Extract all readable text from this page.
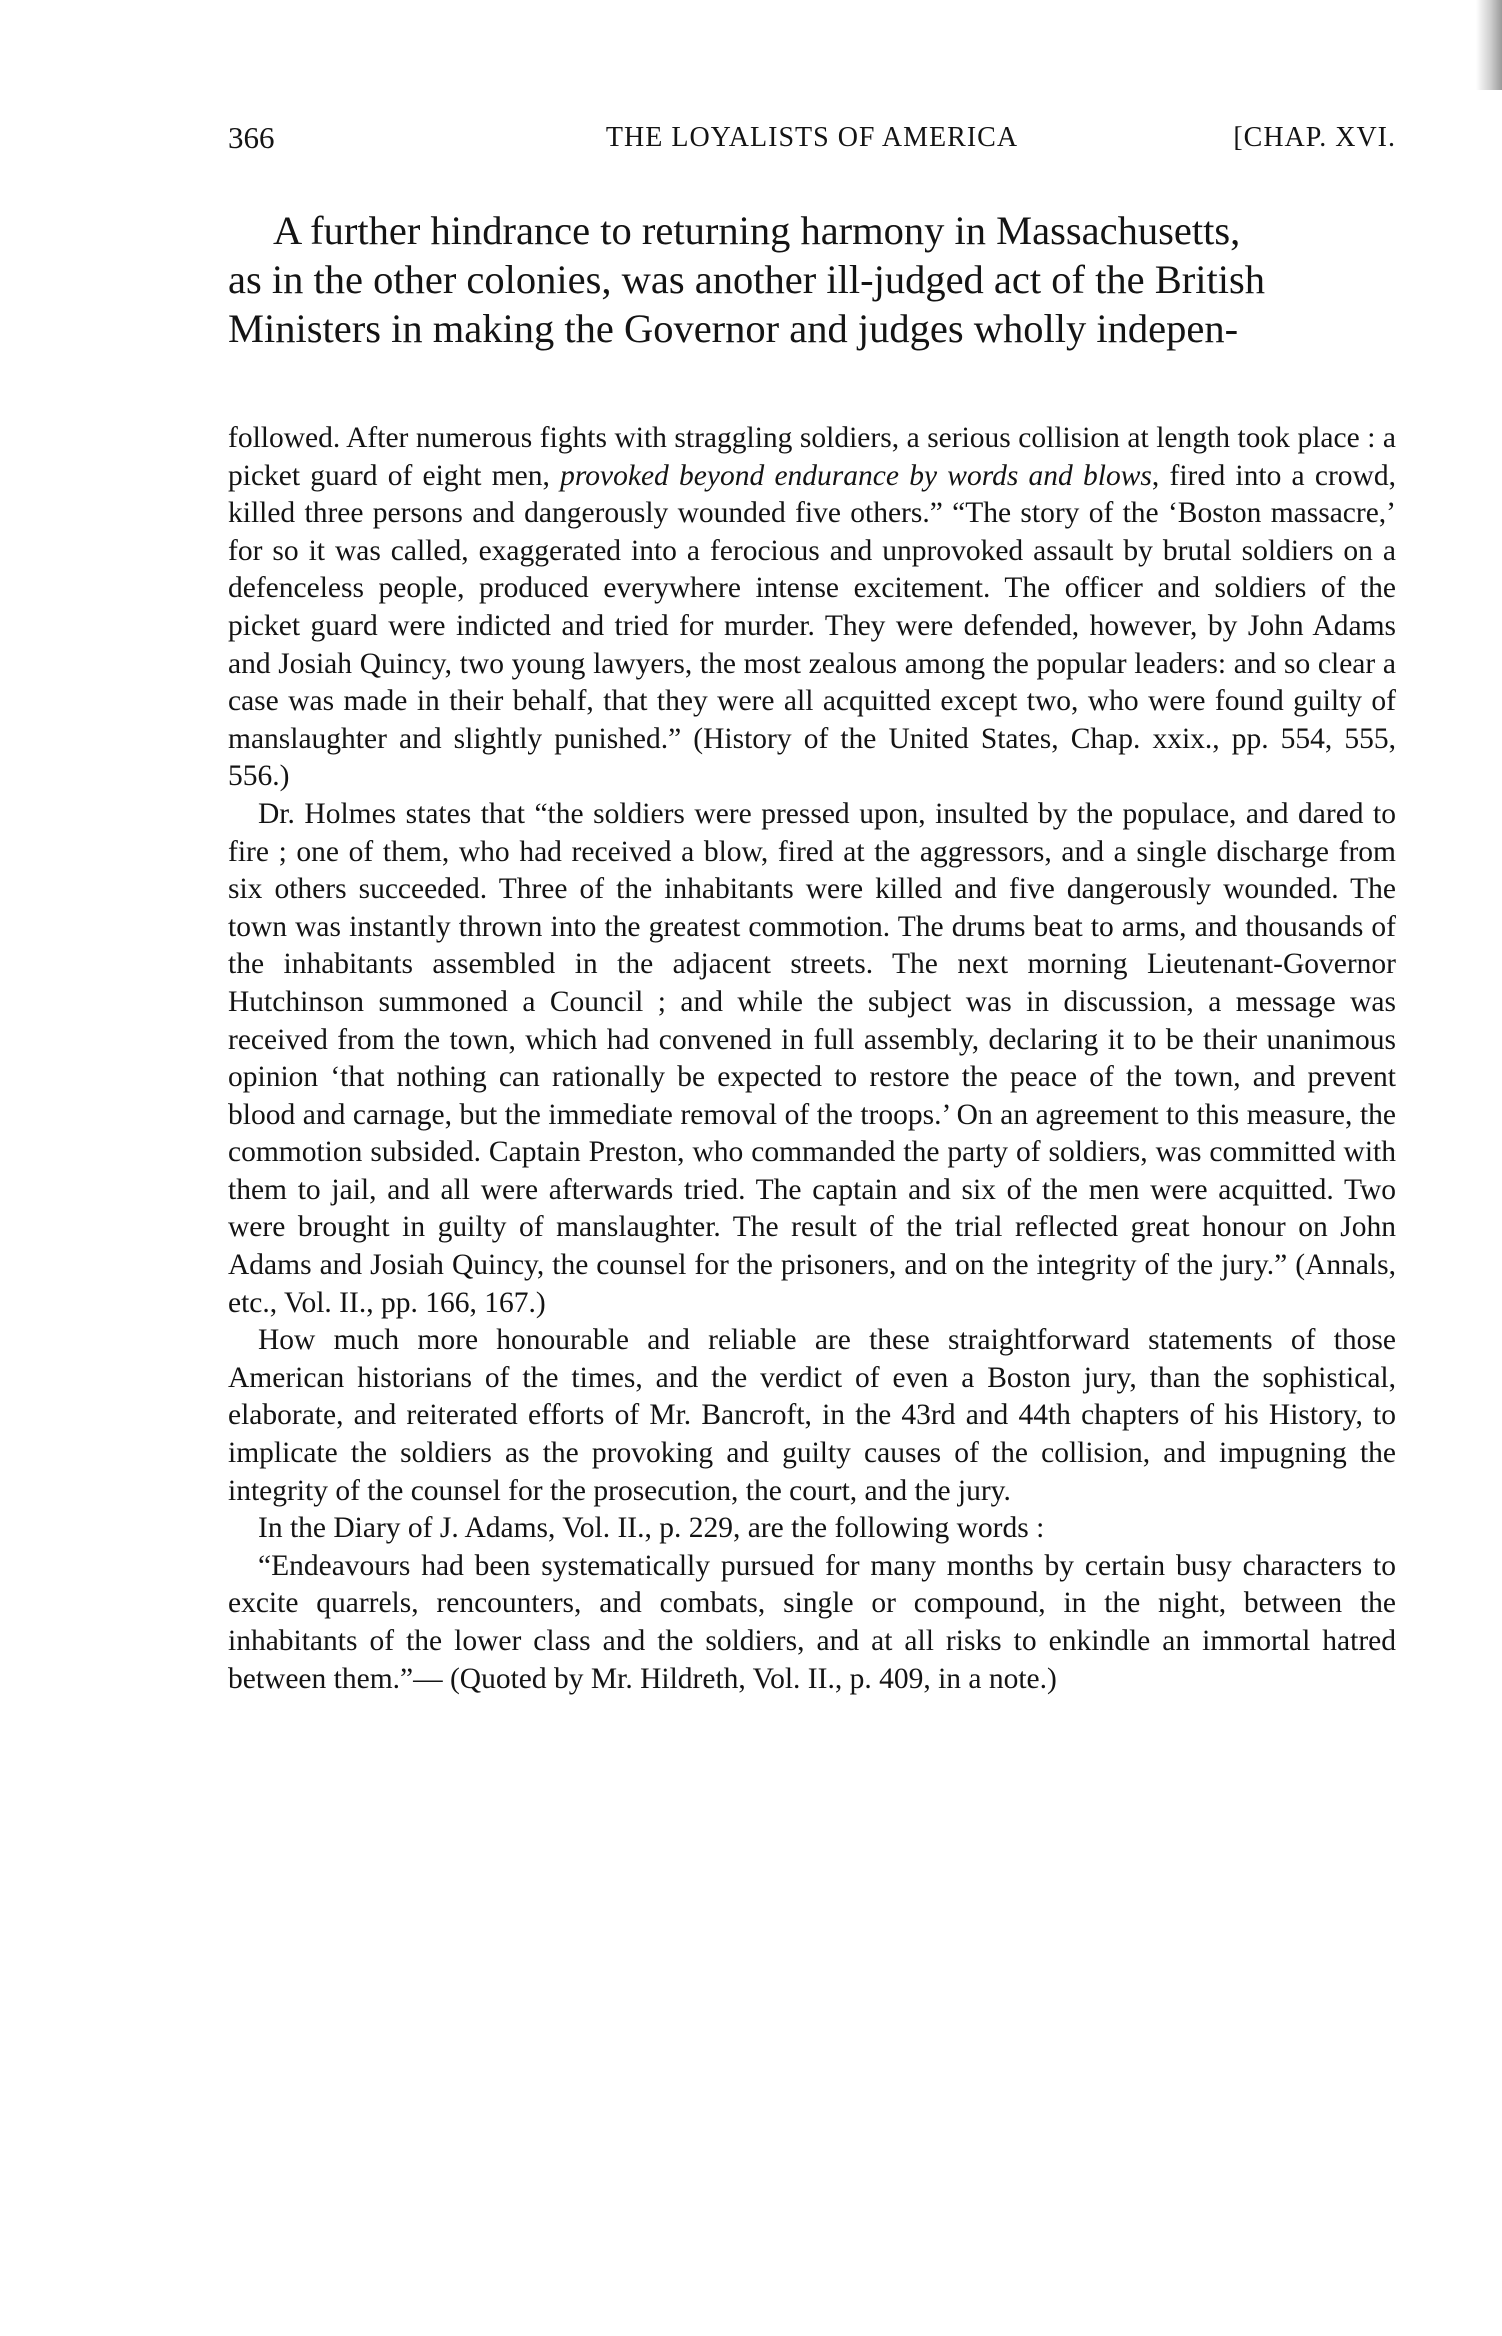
366	THE LOYALISTS OF AMERICA	[CHAP. XVI.
A further hindrance to returning harmony in Massachusetts,
as in the other colonies, was another ill-judged act of the British
Ministers in making the Governor and judges wholly indepen-

followed. After numerous fights with straggling soldiers, a serious collision at length took place : a picket guard of eight men, provoked beyond endurance by words and blows, fired into a crowd, killed three persons and dangerously wounded five others.” “The story of the ‘Boston massacre,’ for so it was called, exaggerated into a ferocious and unprovoked assault by brutal soldiers on a defenceless people, produced everywhere intense excitement. The officer and soldiers of the picket guard were indicted and tried for murder. They were defended, however, by John Adams and Josiah Quincy, two young lawyers, the most zealous among the popular leaders: and so clear a case was made in their behalf, that they were all acquitted except two, who were found guilty of manslaughter and slightly punished.” (History of the United States, Chap. xxix., pp. 554, 555, 556.)

Dr. Holmes states that “the soldiers were pressed upon, insulted by the populace, and dared to fire ; one of them, who had received a blow, fired at the aggressors, and a single discharge from six others succeeded. Three of the inhabitants were killed and five dangerously wounded. The town was instantly thrown into the greatest commotion. The drums beat to arms, and thousands of the inhabitants assembled in the adjacent streets. The next morning Lieutenant-Governor Hutchinson summoned a Council ; and while the subject was in discussion, a message was received from the town, which had convened in full assembly, declaring it to be their unanimous opinion ‘that nothing can rationally be expected to restore the peace of the town, and prevent blood and carnage, but the immediate removal of the troops.’ On an agreement to this measure, the commotion subsided. Captain Preston, who commanded the party of soldiers, was committed with them to jail, and all were afterwards tried. The captain and six of the men were acquitted. Two were brought in guilty of manslaughter. The result of the trial reflected great honour on John Adams and Josiah Quincy, the counsel for the prisoners, and on the integrity of the jury.” (Annals, etc., Vol. II., pp. 166, 167.)

How much more honourable and reliable are these straightforward statements of those American historians of the times, and the verdict of even a Boston jury, than the sophistical, elaborate, and reiterated efforts of Mr. Bancroft, in the 43rd and 44th chapters of his History, to implicate the soldiers as the provoking and guilty causes of the collision, and impugning the integrity of the counsel for the prosecution, the court, and the jury.

In the Diary of J. Adams, Vol. II., p. 229, are the following words :

“Endeavours had been systematically pursued for many months by certain busy characters to excite quarrels, rencounters, and combats, single or compound, in the night, between the inhabitants of the lower class and the soldiers, and at all risks to enkindle an immortal hatred between them.”— (Quoted by Mr. Hildreth, Vol. II., p. 409, in a note.)
